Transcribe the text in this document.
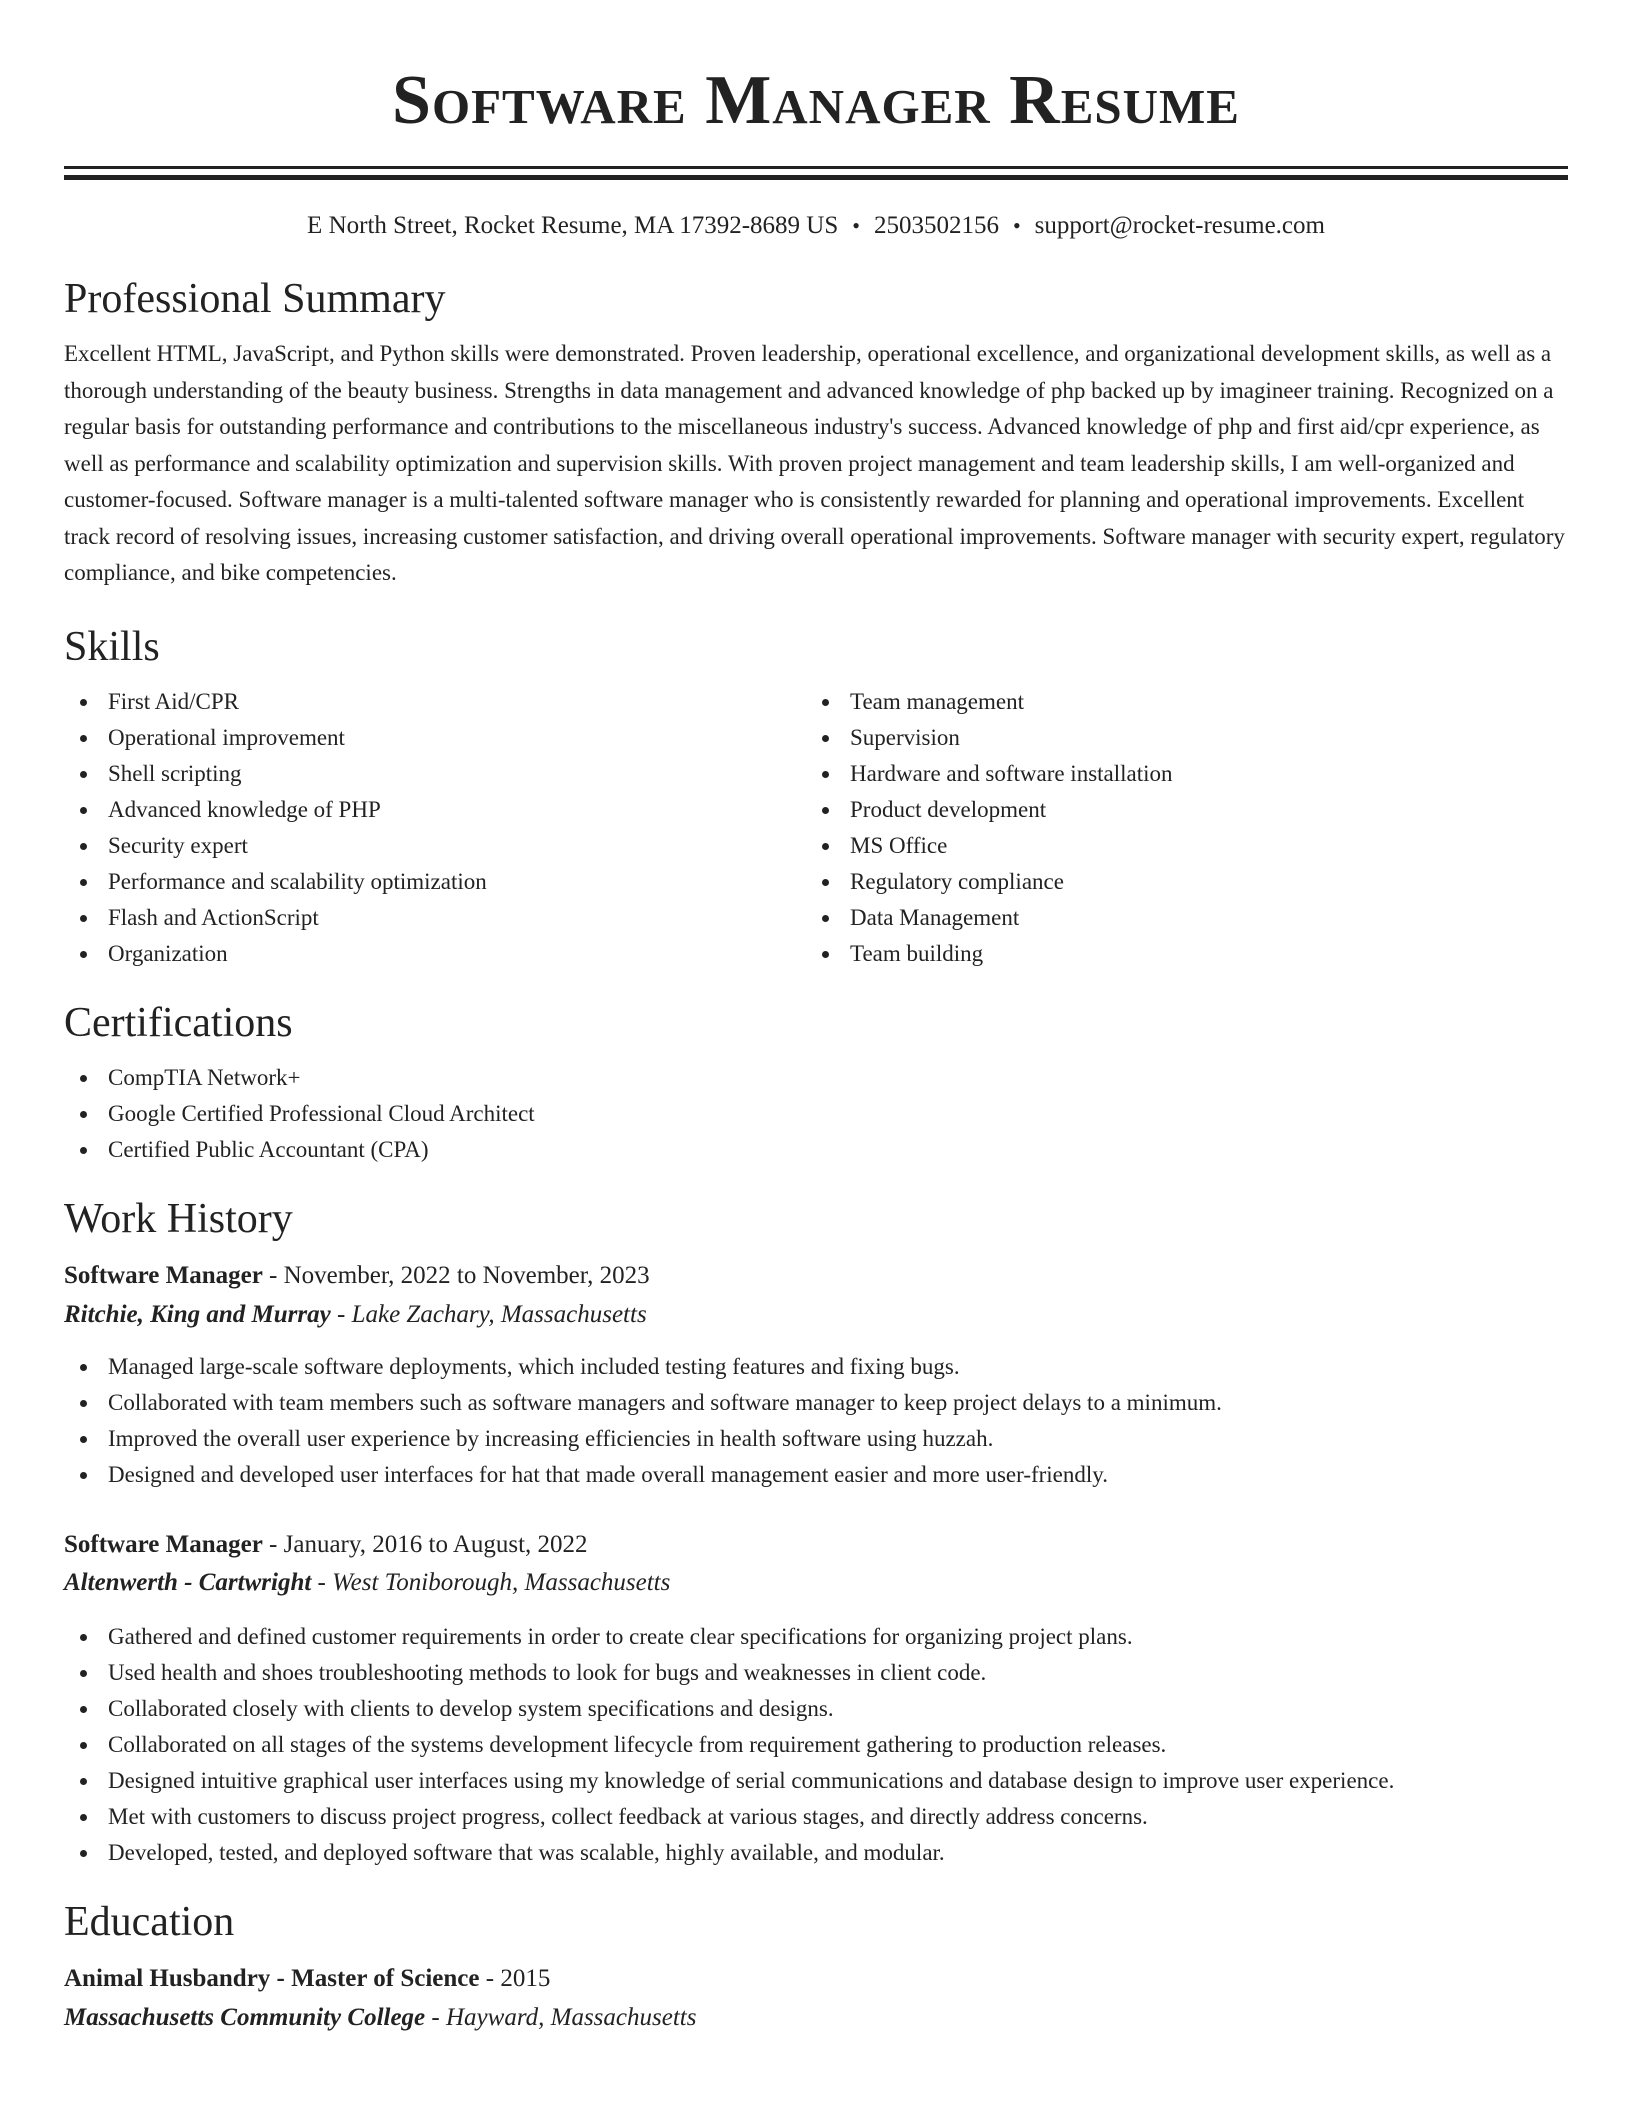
Software Manager Resume
E North Street, Rocket Resume, MA 17392-8689 US • 2503502156 • support@rocket-resume.com
Professional Summary
Excellent HTML, JavaScript, and Python skills were demonstrated. Proven leadership, operational excellence, and organizational development skills, as well as a thorough understanding of the beauty business. Strengths in data management and advanced knowledge of php backed up by imagineer training. Recognized on a regular basis for outstanding performance and contributions to the miscellaneous industry's success. Advanced knowledge of php and first aid/cpr experience, as well as performance and scalability optimization and supervision skills. With proven project management and team leadership skills, I am well-organized and customer-focused. Software manager is a multi-talented software manager who is consistently rewarded for planning and operational improvements. Excellent track record of resolving issues, increasing customer satisfaction, and driving overall operational improvements. Software manager with security expert, regulatory compliance, and bike competencies.
Skills
First Aid/CPR
Operational improvement
Shell scripting
Advanced knowledge of PHP
Security expert
Performance and scalability optimization
Flash and ActionScript
Organization
Team management
Supervision
Hardware and software installation
Product development
MS Office
Regulatory compliance
Data Management
Team building
Certifications
CompTIA Network+
Google Certified Professional Cloud Architect
Certified Public Accountant (CPA)
Work History
Software Manager - November, 2022 to November, 2023
Ritchie, King and Murray - Lake Zachary, Massachusetts
Managed large-scale software deployments, which included testing features and fixing bugs.
Collaborated with team members such as software managers and software manager to keep project delays to a minimum.
Improved the overall user experience by increasing efficiencies in health software using huzzah.
Designed and developed user interfaces for hat that made overall management easier and more user-friendly.
Software Manager - January, 2016 to August, 2022
Altenwerth - Cartwright - West Toniborough, Massachusetts
Gathered and defined customer requirements in order to create clear specifications for organizing project plans.
Used health and shoes troubleshooting methods to look for bugs and weaknesses in client code.
Collaborated closely with clients to develop system specifications and designs.
Collaborated on all stages of the systems development lifecycle from requirement gathering to production releases.
Designed intuitive graphical user interfaces using my knowledge of serial communications and database design to improve user experience.
Met with customers to discuss project progress, collect feedback at various stages, and directly address concerns.
Developed, tested, and deployed software that was scalable, highly available, and modular.
Education
Animal Husbandry - Master of Science - 2015
Massachusetts Community College - Hayward, Massachusetts
